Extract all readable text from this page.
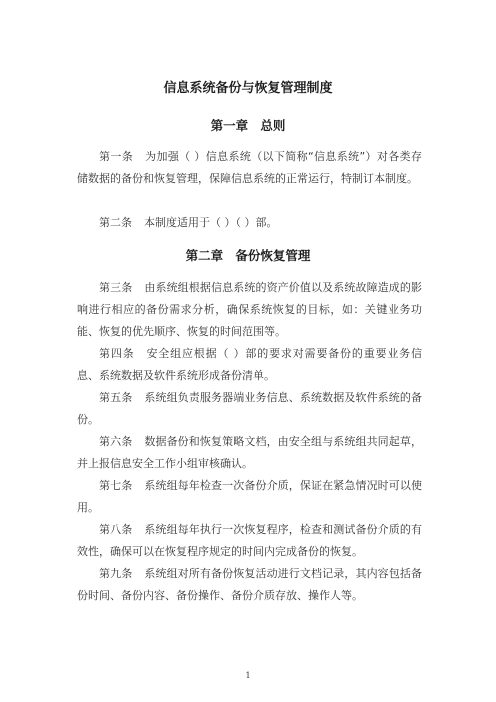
信息系统备份与恢复管理制度
第一章 总则
第一条 为加强（ ）信息系统（以下简称“信息系统”）对各类存储数据的备份和恢复管理，保障信息系统的正常运行，特制订本制度。
第二条 本制度适用于（ ）（ ）部。
第二章 备份恢复管理
第三条 由系统组根据信息系统的资产价值以及系统故障造成的影响进行相应的备份需求分析，确保系统恢复的目标，如：关键业务功能、恢复的优先顺序、恢复的时间范围等。
第四条 安全组应根据（ ）部的要求对需要备份的重要业务信息、系统数据及软件系统形成备份清单。
第五条 系统组负责服务器端业务信息、系统数据及软件系统的备份。
第六条 数据备份和恢复策略文档，由安全组与系统组共同起草，并上报信息安全工作小组审核确认。
第七条 系统组每年检查一次备份介质，保证在紧急情况时可以使用。
第八条 系统组每年执行一次恢复程序，检查和测试备份介质的有效性，确保可以在恢复程序规定的时间内完成备份的恢复。
第九条 系统组对所有备份恢复活动进行文档记录，其内容包括备份时间、备份内容、备份操作、备份介质存放、操作人等。
1
